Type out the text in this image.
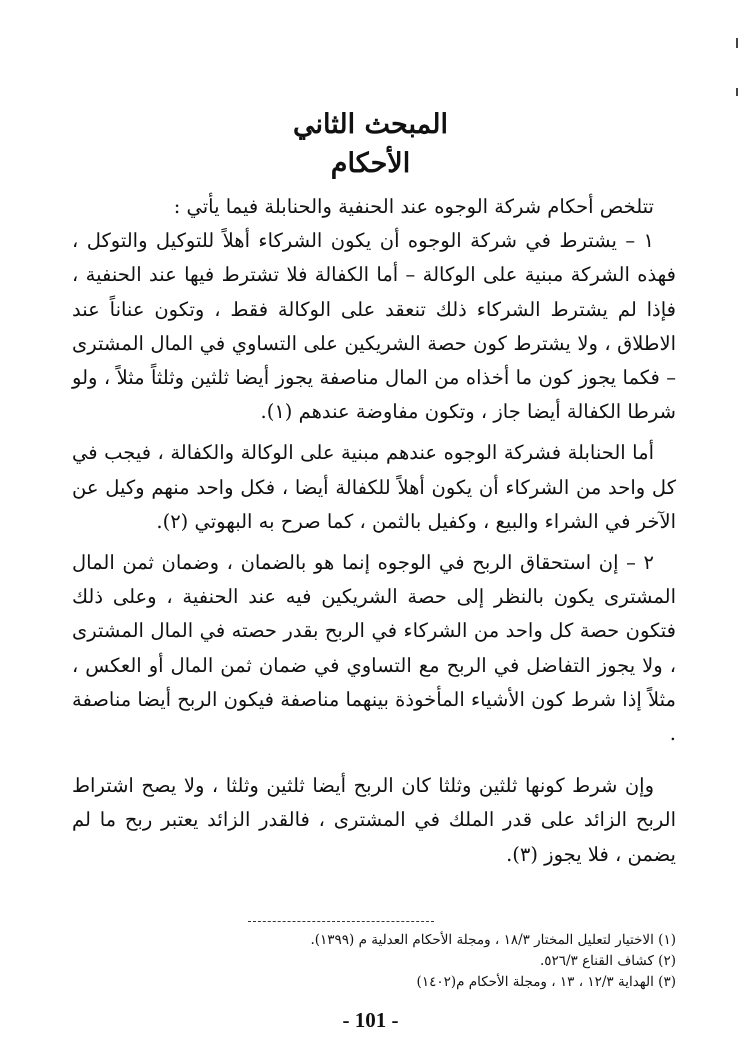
المبحث الثاني
الأحكام

تتلخص أحكام شركة الوجوه عند الحنفية والحنابلة فيما يأتي :

١ – يشترط في شركة الوجوه أن يكون الشركاء أهلاً للتوكيل والتوكل ، فهذه الشركة مبنية على الوكالة – أما الكفالة فلا تشترط فيها عند الحنفية ، فإذا لم يشترط الشركاء ذلك تنعقد على الوكالة فقط ، وتكون عناناً عند الاطلاق ، ولا يشترط كون حصة الشريكين على التساوي في المال المشترى – فكما يجوز كون ما أخذاه من المال مناصفة يجوز أيضا ثلثين وثلثاً مثلاً ، ولو شرطا الكفالة أيضا جاز ، وتكون مفاوضة عندهم (١).

أما الحنابلة فشركة الوجوه عندهم مبنية على الوكالة والكفالة ، فيجب في كل واحد من الشركاء أن يكون أهلاً للكفالة أيضا ، فكل واحد منهم وكيل عن الآخر في الشراء والبيع ، وكفيل بالثمن ، كما صرح به البهوتي (٢).

٢ – إن استحقاق الربح في الوجوه إنما هو بالضمان ، وضمان ثمن المال المشترى يكون بالنظر إلى حصة الشريكين فيه عند الحنفية ، وعلى ذلك فتكون حصة كل واحد من الشركاء في الربح بقدر حصته في المال المشترى ، ولا يجوز التفاضل في الربح مع التساوي في ضمان ثمن المال أو العكس ، مثلاً إذا شرط كون الأشياء المأخوذة بينهما مناصفة فيكون الربح أيضا مناصفة .

وإن شرط كونها ثلثين وثلثا كان الربح أيضا ثلثين وثلثا ، ولا يصح اشتراط الربح الزائد على قدر الملك في المشترى ، فالقدر الزائد يعتبر ربح ما لم يضمن ، فلا يجوز (٣).

(١) الاختيار لتعليل المختار ١٨/٣ ، ومجلة الأحكام العدلية م (١٣٩٩).
(٢) كشاف القناع ٥٢٦/٣.
(٣) الهداية ١٢/٣ ، ١٣ ، ومجلة الأحكام م(١٤٠٢)
- 101 -
